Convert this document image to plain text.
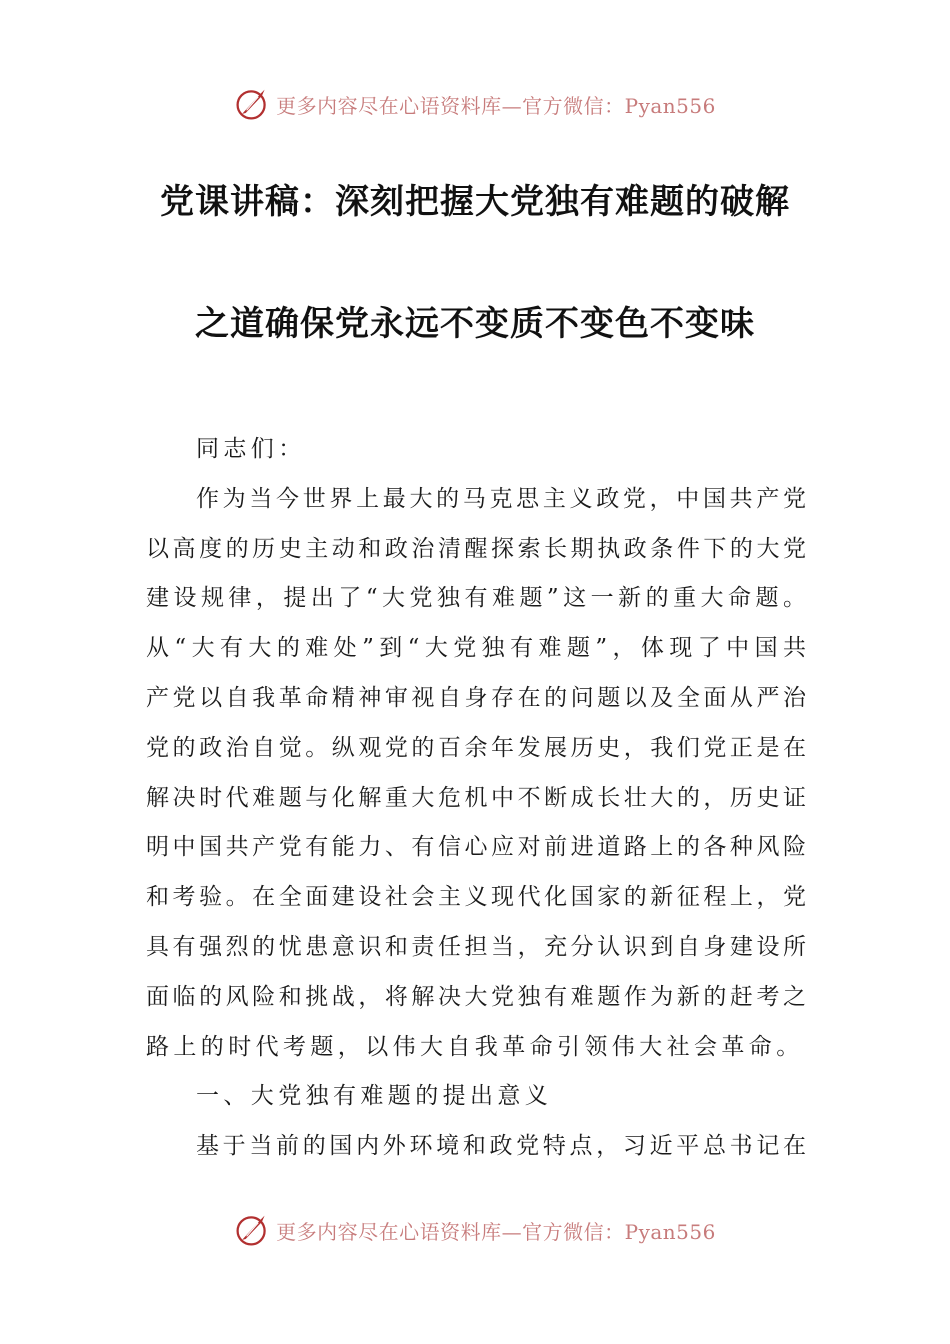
更多内容尽在心语资料库—官方微信：Pyan556
党课讲稿：深刻把握大党独有难题的破解
之道确保党永远不变质不变色不变味
同志们：
作为当今世界上最大的马克思主义政党，中国共产党
以高度的历史主动和政治清醒探索长期执政条件下的大党
建设规律，提出了“大党独有难题”这一新的重大命题。
从“大有大的难处”到“大党独有难题”，体现了中国共
产党以自我革命精神审视自身存在的问题以及全面从严治
党的政治自觉。纵观党的百余年发展历史，我们党正是在
解决时代难题与化解重大危机中不断成长壮大的，历史证
明中国共产党有能力、有信心应对前进道路上的各种风险
和考验。在全面建设社会主义现代化国家的新征程上，党
具有强烈的忧患意识和责任担当，充分认识到自身建设所
面临的风险和挑战，将解决大党独有难题作为新的赶考之
路上的时代考题，以伟大自我革命引领伟大社会革命。
一、大党独有难题的提出意义
基于当前的国内外环境和政党特点，习近平总书记在
更多内容尽在心语资料库—官方微信：Pyan556
